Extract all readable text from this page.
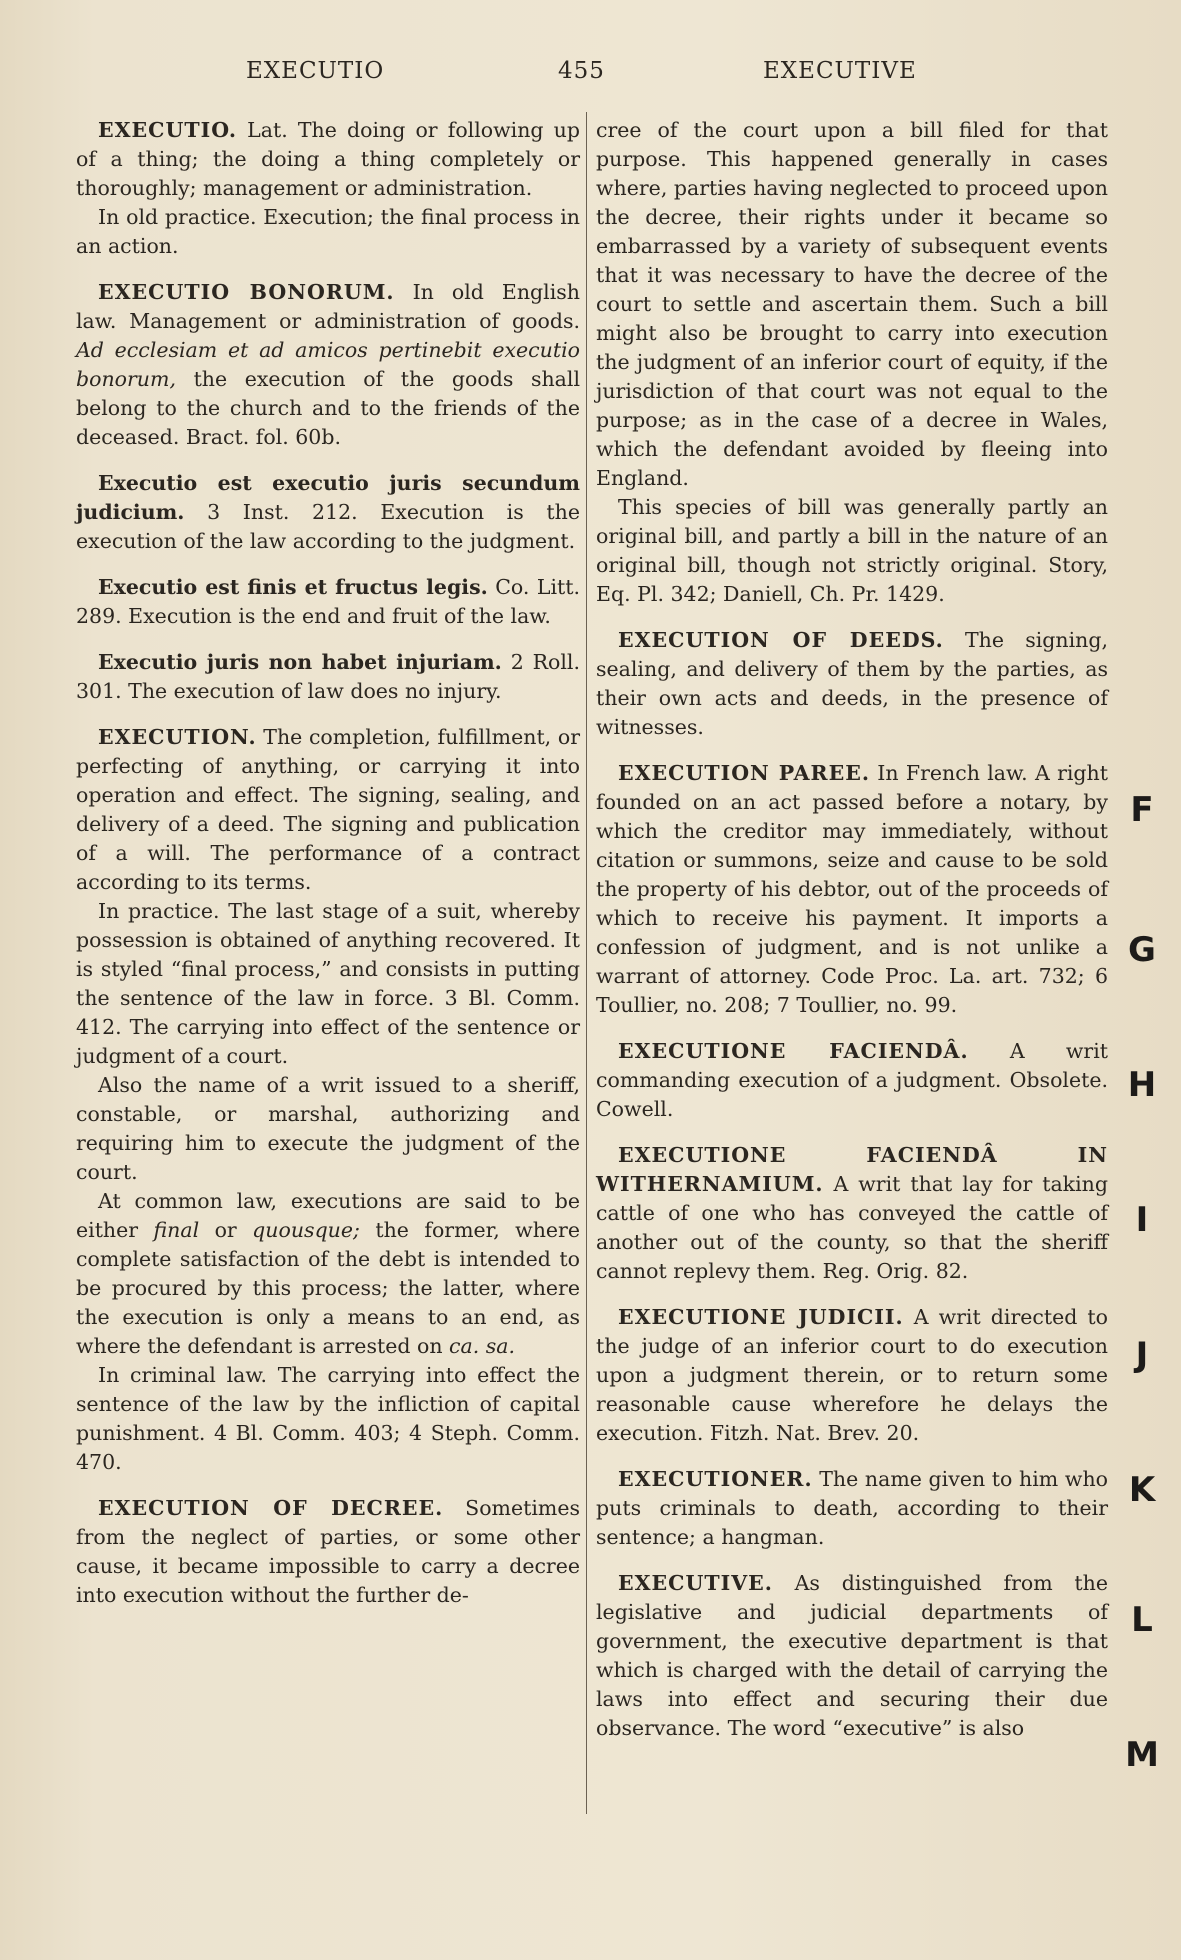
EXECUTIO	455	EXECUTIVE

EXECUTIO. Lat. The doing or following up of a thing; the doing a thing completely or thoroughly; management or administration.

In old practice. Execution; the final process in an action.

EXECUTIO BONORUM. In old English law. Management or administration of goods. Ad ecclesiam et ad amicos pertinebit executio bonorum, the execution of the goods shall belong to the church and to the friends of the deceased. Bract. fol. 60b.

Executio est executio juris secundum judicium. 3 Inst. 212. Execution is the execution of the law according to the judgment.

Executio est finis et fructus legis. Co. Litt. 289. Execution is the end and fruit of the law.

Executio juris non habet injuriam. 2 Roll. 301. The execution of law does no injury.

EXECUTION. The completion, fulfillment, or perfecting of anything, or carrying it into operation and effect. The signing, sealing, and delivery of a deed. The signing and publication of a will. The performance of a contract according to its terms.

In practice. The last stage of a suit, whereby possession is obtained of anything recovered. It is styled “final process,” and consists in putting the sentence of the law in force. 3 Bl. Comm. 412. The carrying into effect of the sentence or judgment of a court.

Also the name of a writ issued to a sheriff, constable, or marshal, authorizing and requiring him to execute the judgment of the court.

At common law, executions are said to be either final or quousque; the former, where complete satisfaction of the debt is intended to be procured by this process; the latter, where the execution is only a means to an end, as where the defendant is arrested on ca. sa.

In criminal law. The carrying into effect the sentence of the law by the infliction of capital punishment. 4 Bl. Comm. 403; 4 Steph. Comm. 470.

EXECUTION OF DECREE. Sometimes from the neglect of parties, or some other cause, it became impossible to carry a decree into execution without the further de-

cree of the court upon a bill filed for that purpose. This happened generally in cases where, parties having neglected to proceed upon the decree, their rights under it became so embarrassed by a variety of subsequent events that it was necessary to have the decree of the court to settle and ascertain them. Such a bill might also be brought to carry into execution the judgment of an inferior court of equity, if the jurisdiction of that court was not equal to the purpose; as in the case of a decree in Wales, which the defendant avoided by fleeing into England.

This species of bill was generally partly an original bill, and partly a bill in the nature of an original bill, though not strictly original. Story, Eq. Pl. 342; Daniell, Ch. Pr. 1429.

EXECUTION OF DEEDS. The signing, sealing, and delivery of them by the parties, as their own acts and deeds, in the presence of witnesses.

EXECUTION PAREE. In French law. A right founded on an act passed before a notary, by which the creditor may immediately, without citation or summons, seize and cause to be sold the property of his debtor, out of the proceeds of which to receive his payment. It imports a confession of judgment, and is not unlike a warrant of attorney. Code Proc. La. art. 732; 6 Toullier, no. 208; 7 Toullier, no. 99.

EXECUTIONE FACIENDÂ. A writ commanding execution of a judgment. Obsolete. Cowell.

EXECUTIONE FACIENDÂ IN WITHERNAMIUM. A writ that lay for taking cattle of one who has conveyed the cattle of another out of the county, so that the sheriff cannot replevy them. Reg. Orig. 82.

EXECUTIONE JUDICII. A writ directed to the judge of an inferior court to do execution upon a judgment therein, or to return some reasonable cause wherefore he delays the execution. Fitzh. Nat. Brev. 20.

EXECUTIONER. The name given to him who puts criminals to death, according to their sentence; a hangman.

EXECUTIVE. As distinguished from the legislative and judicial departments of government, the executive department is that which is charged with the detail of carrying the laws into effect and securing their due observance. The word “executive” is also

F
G
H
I
J
K
L
M
